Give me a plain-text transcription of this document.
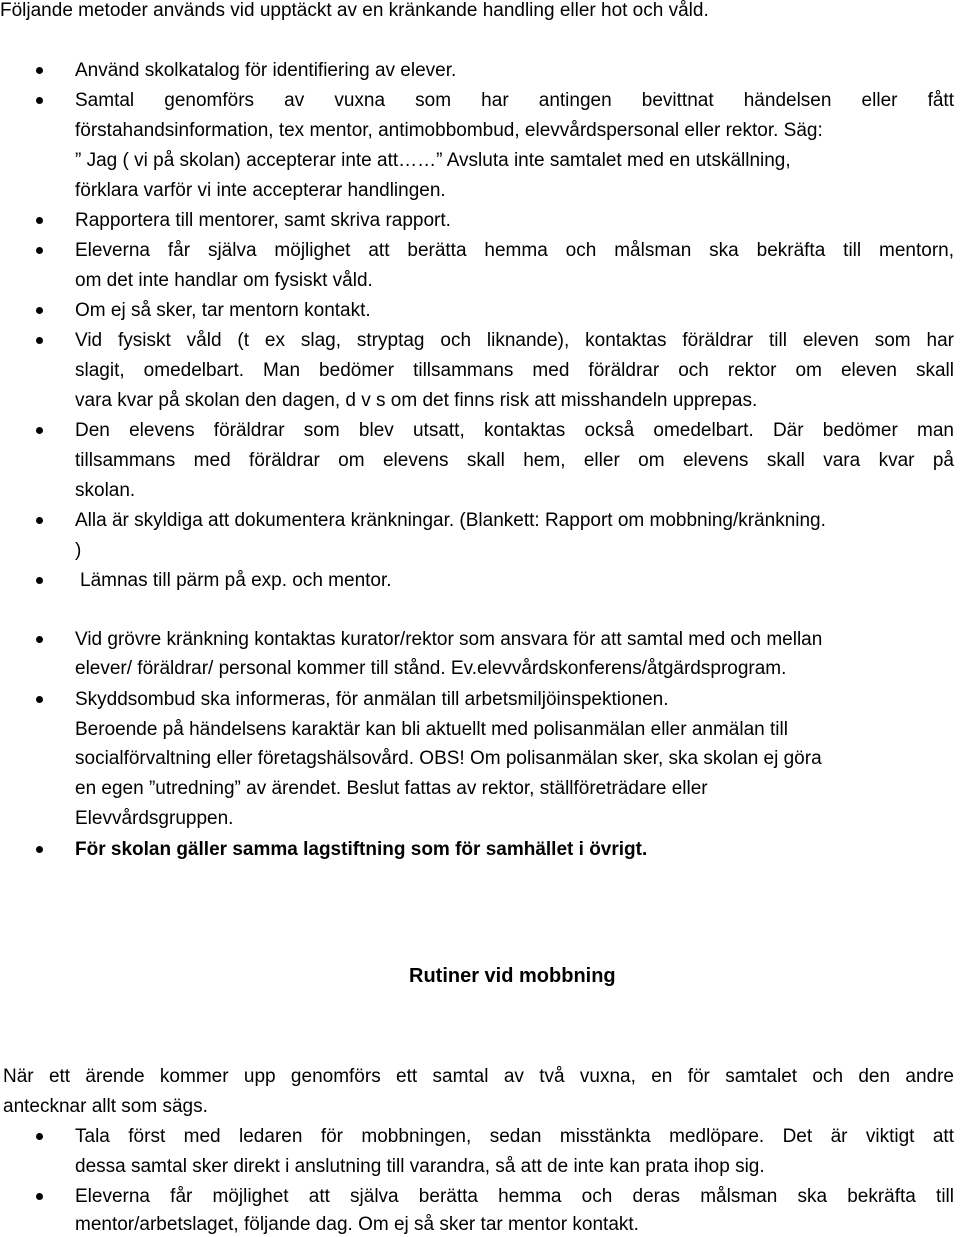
Följande metoder används vid upptäckt av en kränkande handling eller hot och våld.
Använd skolkatalog för identifiering av elever.
Samtal genomförs av vuxna som har antingen bevittnat händelsen eller fått
förstahandsinformation, tex mentor, antimobbombud, elevvårdspersonal eller rektor. Säg:
” Jag ( vi på skolan) accepterar inte att……” Avsluta inte samtalet med en utskällning,
förklara varför vi inte accepterar handlingen.
Rapportera till mentorer, samt skriva rapport.
Eleverna får själva möjlighet att berätta hemma och målsman ska bekräfta till mentorn,
om det inte handlar om fysiskt våld.
Om ej så sker, tar mentorn kontakt.
Vid fysiskt våld (t ex slag, stryptag och liknande), kontaktas föräldrar till eleven som har
slagit, omedelbart. Man bedömer tillsammans med föräldrar och rektor om eleven skall
vara kvar på skolan den dagen, d v s om det finns risk att misshandeln upprepas.
Den elevens föräldrar som blev utsatt, kontaktas också omedelbart. Där bedömer man
tillsammans med föräldrar om elevens skall hem, eller om elevens skall vara kvar på
skolan.
Alla är skyldiga att dokumentera kränkningar. (Blankett: Rapport om mobbning/kränkning.
)
Lämnas till pärm på exp. och mentor.
Vid grövre kränkning kontaktas kurator/rektor som ansvara för att samtal med och mellan
elever/ föräldrar/ personal kommer till stånd. Ev.elevvårdskonferens/åtgärdsprogram.
Skyddsombud ska informeras, för anmälan till arbetsmiljöinspektionen.
Beroende på händelsens karaktär kan bli aktuellt med polisanmälan eller anmälan till
socialförvaltning eller företagshälsovård. OBS! Om polisanmälan sker, ska skolan ej göra
en egen ”utredning” av ärendet. Beslut fattas av rektor, ställföreträdare eller
Elevvårdsgruppen.
För skolan gäller samma lagstiftning som för samhället i övrigt.
Rutiner vid mobbning
När ett ärende kommer upp genomförs ett samtal av två vuxna, en för samtalet och den andre
antecknar allt som sägs.
Tala först med ledaren för mobbningen, sedan misstänkta medlöpare. Det är viktigt att
dessa samtal sker direkt i anslutning till varandra, så att de inte kan prata ihop sig.
Eleverna får möjlighet att själva berätta hemma och deras målsman ska bekräfta till
mentor/arbetslaget, följande dag. Om ej så sker tar mentor kontakt.
